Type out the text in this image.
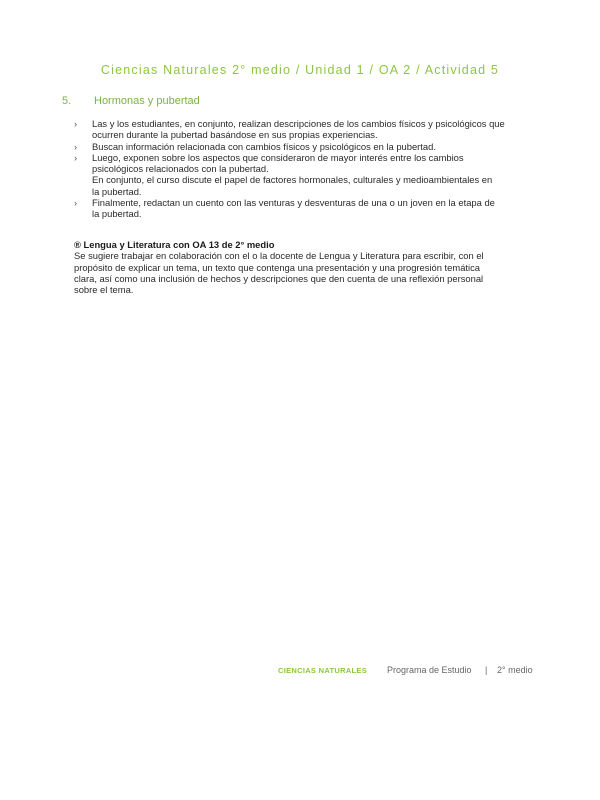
Ciencias Naturales 2° medio / Unidad 1 / OA 2 / Actividad 5
5. Hormonas y pubertad
›	Las y los estudiantes, en conjunto, realizan descripciones de los cambios físicos y psicológicos que
ocurren durante la pubertad basándose en sus propias experiencias.
›	Buscan información relacionada con cambios físicos y psicológicos en la pubertad.
›	Luego, exponen sobre los aspectos que consideraron de mayor interés entre los cambios
psicológicos relacionados con la pubertad.
En conjunto, el curso discute el papel de factores hormonales, culturales y medioambientales en
la pubertad.
›	Finalmente, redactan un cuento con las venturas y desventuras de una o un joven en la etapa de
la pubertad.
® Lengua y Literatura con OA 13 de 2° medio
Se sugiere trabajar en colaboración con el o la docente de Lengua y Literatura para escribir, con el
propósito de explicar un tema, un texto que contenga una presentación y una progresión temática
clara, así como una inclusión de hechos y descripciones que den cuenta de una reflexión personal
sobre el tema.
CIENCIAS NATURALES Programa de Estudio | 2° medio
